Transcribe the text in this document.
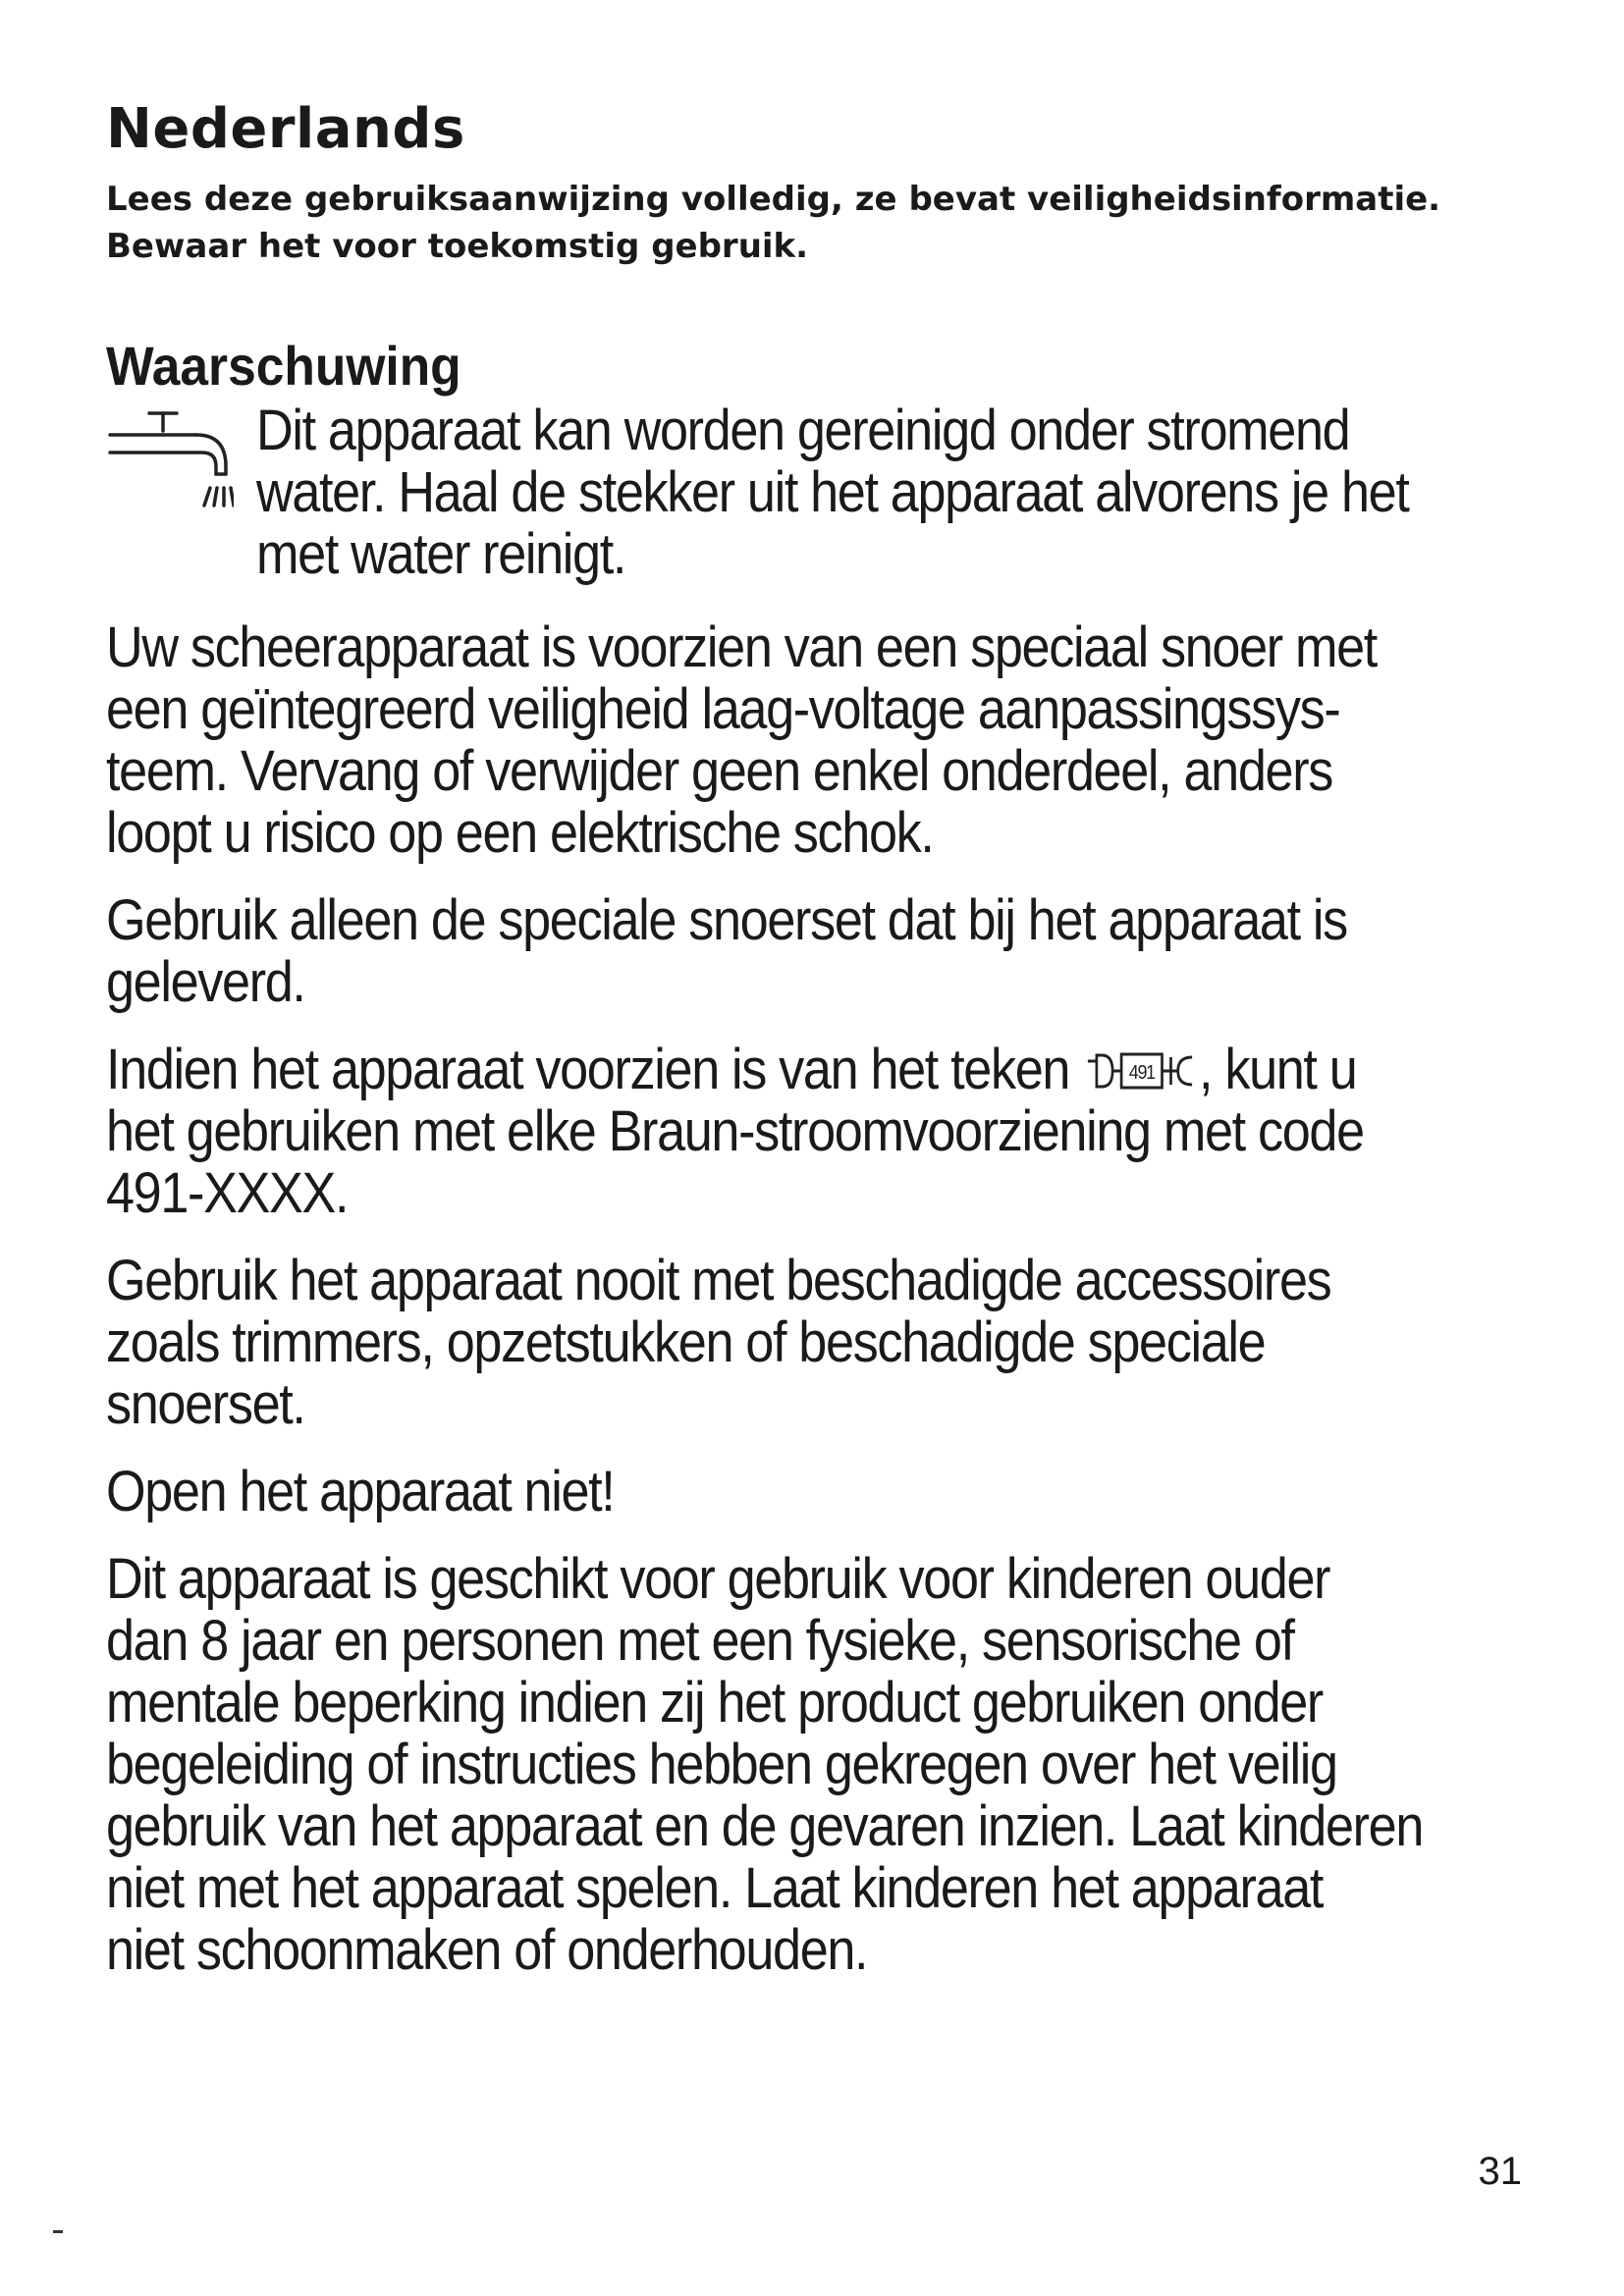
Nederlands
Lees deze gebruiksaanwijzing volledig, ze bevat veiligheidsinformatie.
Bewaar het voor toekomstig gebruik.
Waarschuwing
Dit apparaat kan worden gereinigd onder stromend
water. Haal de stekker uit het apparaat alvorens je het
met water reinigt.
Uw scheerapparaat is voorzien van een speciaal snoer met
een geïntegreerd veiligheid laag-voltage aanpassingssys-
teem. Vervang of verwijder geen enkel onderdeel, anders
loopt u risico op een elektrische schok.
Gebruik alleen de speciale snoerset dat bij het apparaat is
geleverd.
Indien het apparaat voorzien is van het teken 491 , kunt u
het gebruiken met elke Braun-stroomvoorziening met code
491-XXXX.
Gebruik het apparaat nooit met beschadigde accessoires
zoals trimmers, opzetstukken of beschadigde speciale
snoerset.
Open het apparaat niet!
Dit apparaat is geschikt voor gebruik voor kinderen ouder
dan 8 jaar en personen met een fysieke, sensorische of
mentale beperking indien zij het product gebruiken onder
begeleiding of instructies hebben gekregen over het veilig
gebruik van het apparaat en de gevaren inzien. Laat kinderen
niet met het apparaat spelen. Laat kinderen het apparaat
niet schoonmaken of onderhouden.
31
